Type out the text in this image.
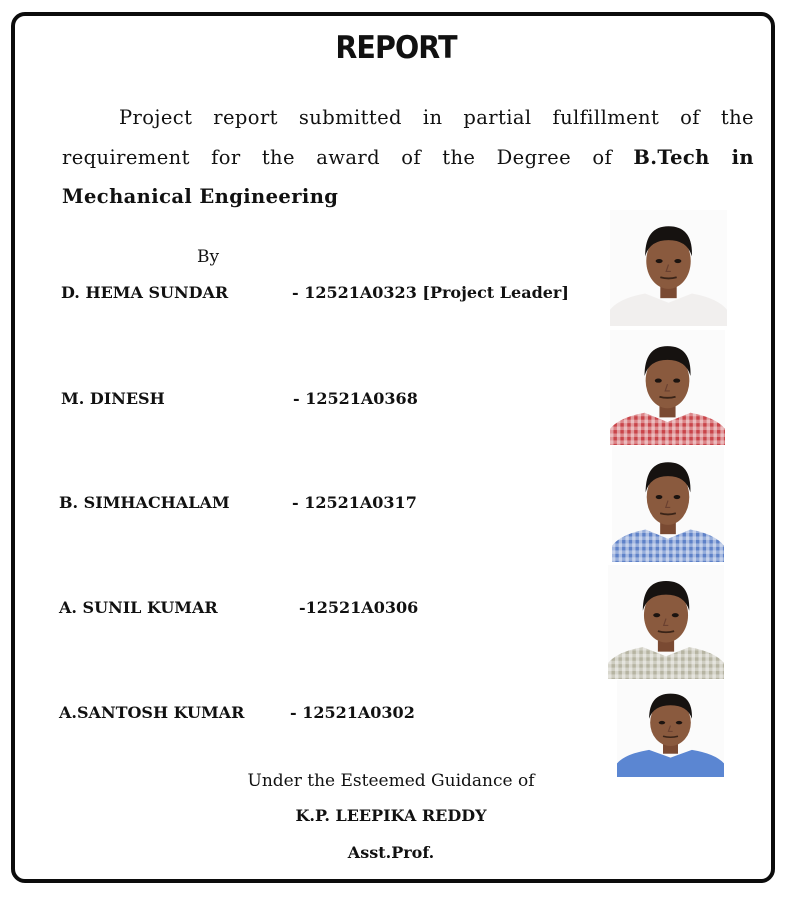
REPORT
Project report submitted in partial fulfillment of the requirement for the award of the Degree of B.Tech in Mechanical Engineering
By
D. HEMA SUNDAR	- 12521A0323 [Project Leader]
M. DINESH	- 12521A0368
B. SIMHACHALAM	- 12521A0317
A. SUNIL KUMAR	-12521A0306
A.SANTOSH KUMAR	- 12521A0302
Under the Esteemed Guidance of
K.P. LEEPIKA REDDY
Asst.Prof.
